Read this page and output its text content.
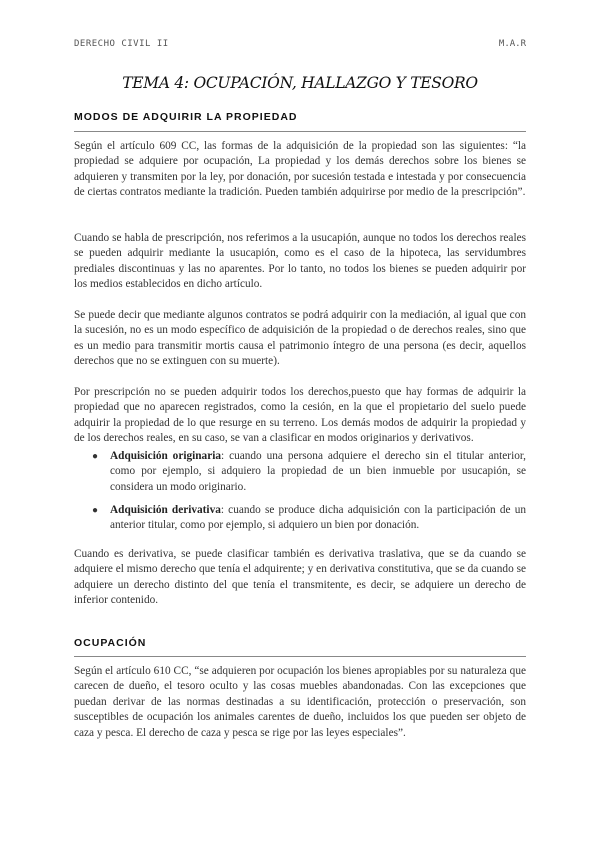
DERECHO CIVIL II	M.A.R
TEMA 4: OCUPACIÓN, HALLAZGO Y TESORO
MODOS DE ADQUIRIR LA PROPIEDAD
Según el artículo 609 CC, las formas de la adquisición de la propiedad son las siguientes: “la propiedad se adquiere por ocupación, La propiedad y los demás derechos sobre los bienes se adquieren y transmiten por la ley, por donación, por sucesión testada e intestada y por consecuencia de ciertas contratos mediante la tradición. Pueden también adquirirse por medio de la prescripción”.
Cuando se habla de prescripción, nos referimos a la usucapión, aunque no todos los derechos reales se pueden adquirir mediante la usucapión, como es el caso de la hipoteca, las servidumbres prediales discontinuas y las no aparentes. Por lo tanto, no todos los bienes se pueden adquirir por los medios establecidos en dicho artículo.
Se puede decir que mediante algunos contratos se podrá adquirir con la mediación, al igual que con la sucesión, no es un modo específico de adquisición de la propiedad o de derechos reales, sino que es un medio para transmitir mortis causa el patrimonio íntegro de una persona (es decir, aquellos derechos que no se extinguen con su muerte).
Por prescripción no se pueden adquirir todos los derechos,puesto que hay formas de adquirir la propiedad que no aparecen registrados, como la cesión, en la que el propietario del suelo puede adquirir la propiedad de lo que resurge en su terreno. Los demás modos de adquirir la propiedad y de los derechos reales, en su caso, se van a clasificar en modos originarios y derivativos.
● Adquisición originaria: cuando una persona adquiere el derecho sin el titular anterior, como por ejemplo, si adquiero la propiedad de un bien inmueble por usucapión, se considera un modo originario.
● Adquisición derivativa: cuando se produce dicha adquisición con la participación de un anterior titular, como por ejemplo, si adquiero un bien por donación.
Cuando es derivativa, se puede clasificar también es derivativa traslativa, que se da cuando se adquiere el mismo derecho que tenía el adquirente; y en derivativa constitutiva, que se da cuando se adquiere un derecho distinto del que tenía el transmitente, es decir, se adquiere un derecho de inferior contenido.
OCUPACIÓN
Según el artículo 610 CC, “se adquieren por ocupación los bienes apropiables por su naturaleza que carecen de dueño, el tesoro oculto y las cosas muebles abandonadas. Con las excepciones que puedan derivar de las normas destinadas a su identificación, protección o preservación, son susceptibles de ocupación los animales carentes de dueño, incluidos los que pueden ser objeto de caza y pesca. El derecho de caza y pesca se rige por las leyes especiales”.
